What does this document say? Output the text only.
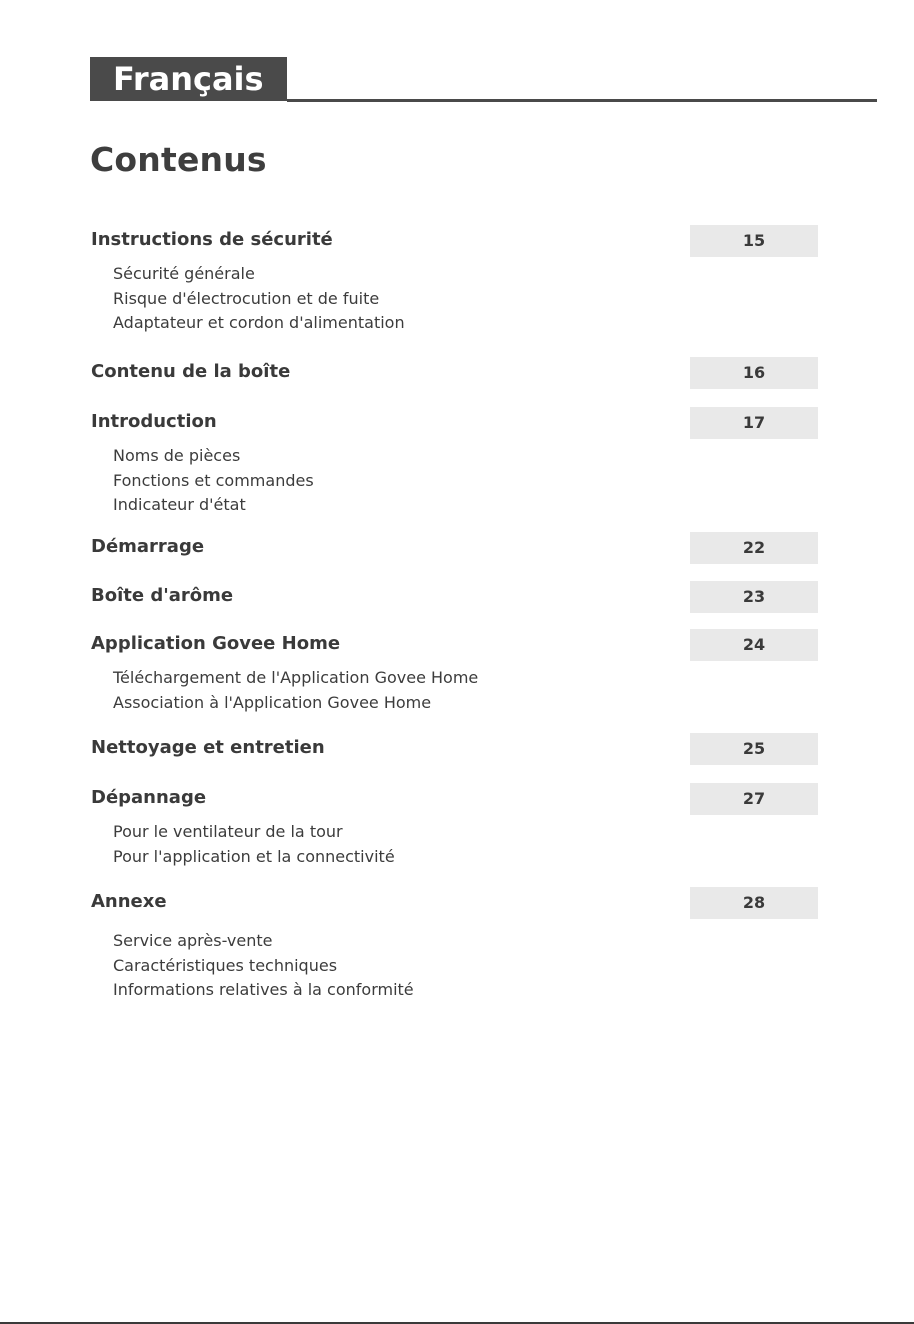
Français
Contenus
Instructions de sécurité	15
Sécurité générale
Risque d'électrocution et de fuite
Adaptateur et cordon d'alimentation
Contenu de la boîte	16
Introduction	17
Noms de pièces
Fonctions et commandes
Indicateur d'état
Démarrage	22
Boîte d'arôme	23
Application Govee Home	24
Téléchargement de l'Application Govee Home
Association à l'Application Govee Home
Nettoyage et entretien	25
Dépannage	27
Pour le ventilateur de la tour
Pour l'application et la connectivité
Annexe	28
Service après-vente
Caractéristiques techniques
Informations relatives à la conformité
